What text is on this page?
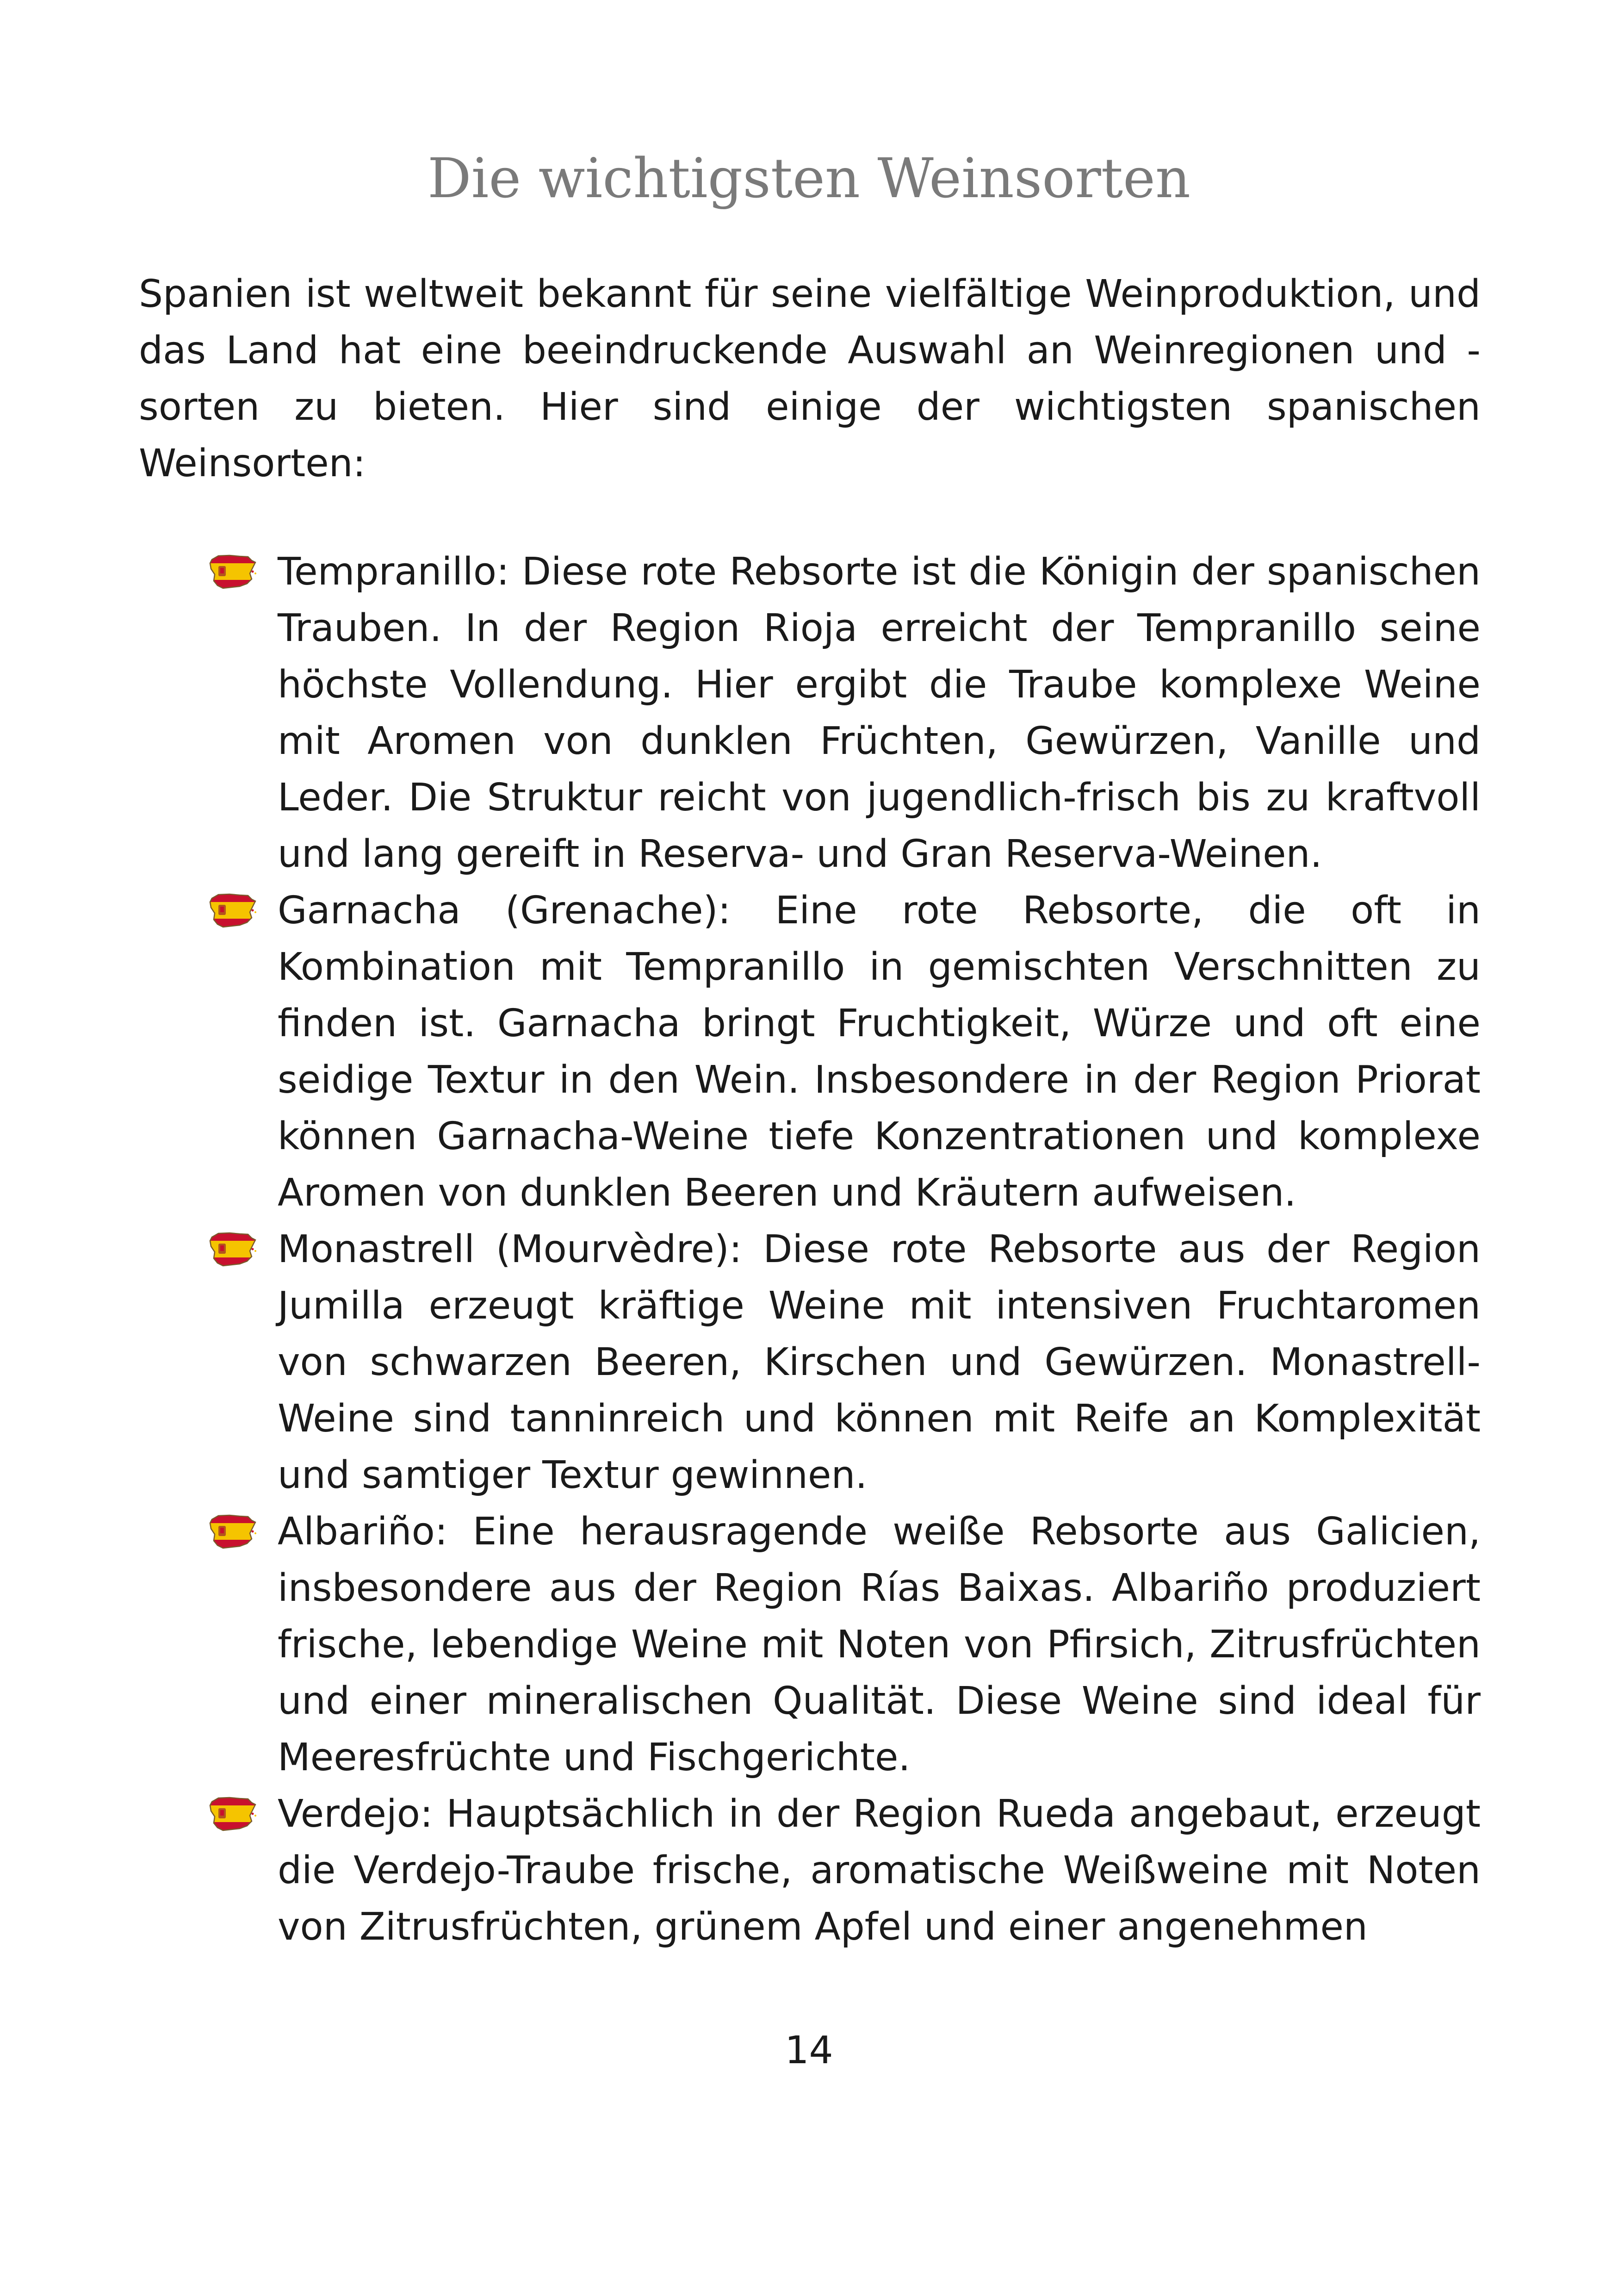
Die wichtigsten Weinsorten

Spanien ist weltweit bekannt für seine vielfältige Weinproduktion, und das Land hat eine beeindruckende Auswahl an Weinregionen und -sorten zu bieten. Hier sind einige der wichtigsten spanischen Weinsorten:

Tempranillo: Diese rote Rebsorte ist die Königin der spanischen Trauben. In der Region Rioja erreicht der Tempranillo seine höchste Vollendung. Hier ergibt die Traube komplexe Weine mit Aromen von dunklen Früchten, Gewürzen, Vanille und Leder. Die Struktur reicht von jugendlich-frisch bis zu kraftvoll und lang gereift in Reserva- und Gran Reserva-Weinen.
Garnacha (Grenache): Eine rote Rebsorte, die oft in Kombination mit Tempranillo in gemischten Verschnitten zu finden ist. Garnacha bringt Fruchtigkeit, Würze und oft eine seidige Textur in den Wein. Insbesondere in der Region Priorat können Garnacha-Weine tiefe Konzentrationen und komplexe Aromen von dunklen Beeren und Kräutern aufweisen.
Monastrell (Mourvèdre): Diese rote Rebsorte aus der Region Jumilla erzeugt kräftige Weine mit intensiven Fruchtaromen von schwarzen Beeren, Kirschen und Gewürzen. Monastrell-Weine sind tanninreich und können mit Reife an Komplexität und samtiger Textur gewinnen.
Albariño: Eine herausragende weiße Rebsorte aus Galicien, insbesondere aus der Region Rías Baixas. Albariño produziert frische, lebendige Weine mit Noten von Pfirsich, Zitrusfrüchten und einer mineralischen Qualität. Diese Weine sind ideal für Meeresfrüchte und Fischgerichte.
Verdejo: Hauptsächlich in der Region Rueda angebaut, erzeugt die Verdejo-Traube frische, aromatische Weißweine mit Noten von Zitrusfrüchten, grünem Apfel und einer angenehmen
14
